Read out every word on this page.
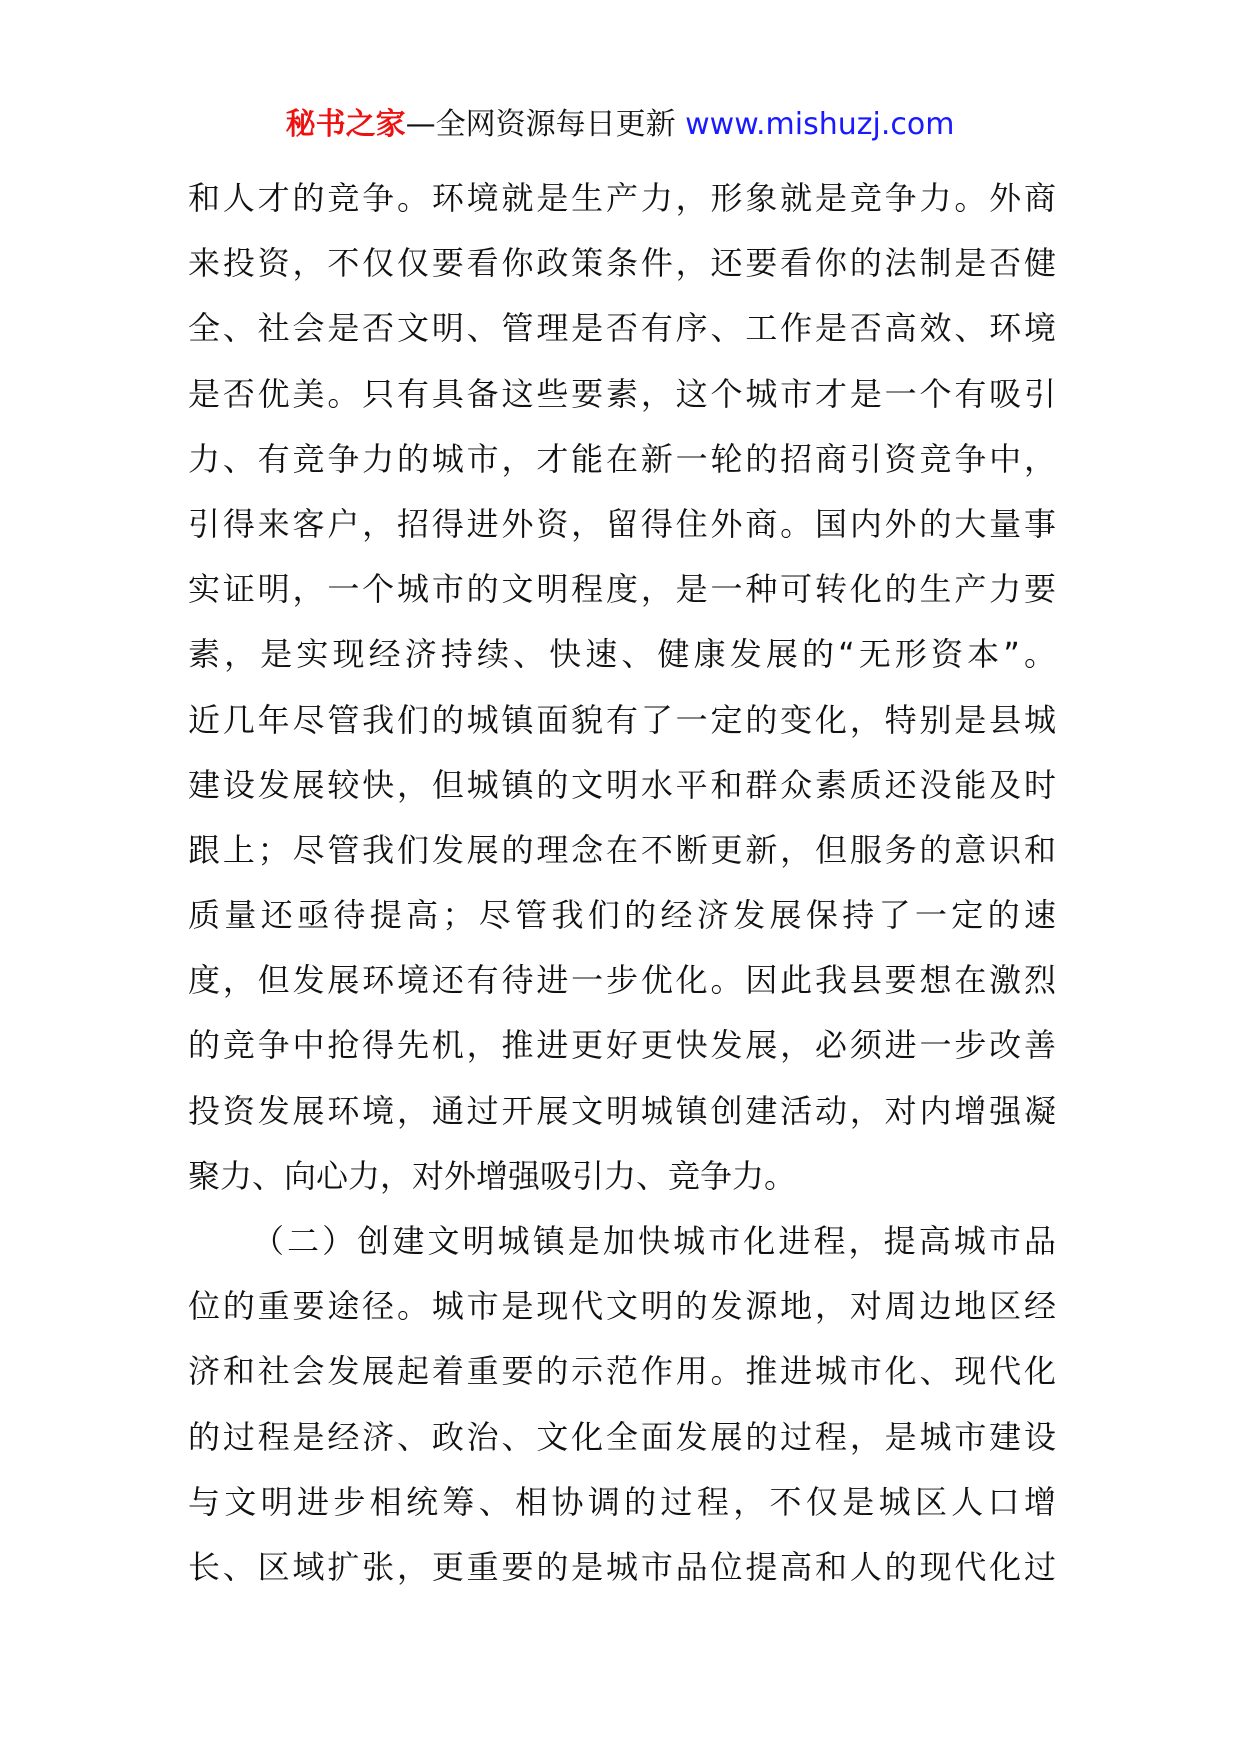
秘书之家—全网资源每日更新 www.mishuzj.com
和人才的竞争。环境就是生产力，形象就是竞争力。外商
来投资，不仅仅要看你政策条件，还要看你的法制是否健
全、社会是否文明、管理是否有序、工作是否高效、环境
是否优美。只有具备这些要素，这个城市才是一个有吸引
力、有竞争力的城市，才能在新一轮的招商引资竞争中，
引得来客户，招得进外资，留得住外商。国内外的大量事
实证明，一个城市的文明程度，是一种可转化的生产力要
素，是实现经济持续、快速、健康发展的“无形资本”。
近几年尽管我们的城镇面貌有了一定的变化，特别是县城
建设发展较快，但城镇的文明水平和群众素质还没能及时
跟上；尽管我们发展的理念在不断更新，但服务的意识和
质量还亟待提高；尽管我们的经济发展保持了一定的速
度，但发展环境还有待进一步优化。因此我县要想在激烈
的竞争中抢得先机，推进更好更快发展，必须进一步改善
投资发展环境，通过开展文明城镇创建活动，对内增强凝
聚力、向心力，对外增强吸引力、竞争力。
（二）创建文明城镇是加快城市化进程，提高城市品
位的重要途径。城市是现代文明的发源地，对周边地区经
济和社会发展起着重要的示范作用。推进城市化、现代化
的过程是经济、政治、文化全面发展的过程，是城市建设
与文明进步相统筹、相协调的过程，不仅是城区人口增
长、区域扩张，更重要的是城市品位提高和人的现代化过
